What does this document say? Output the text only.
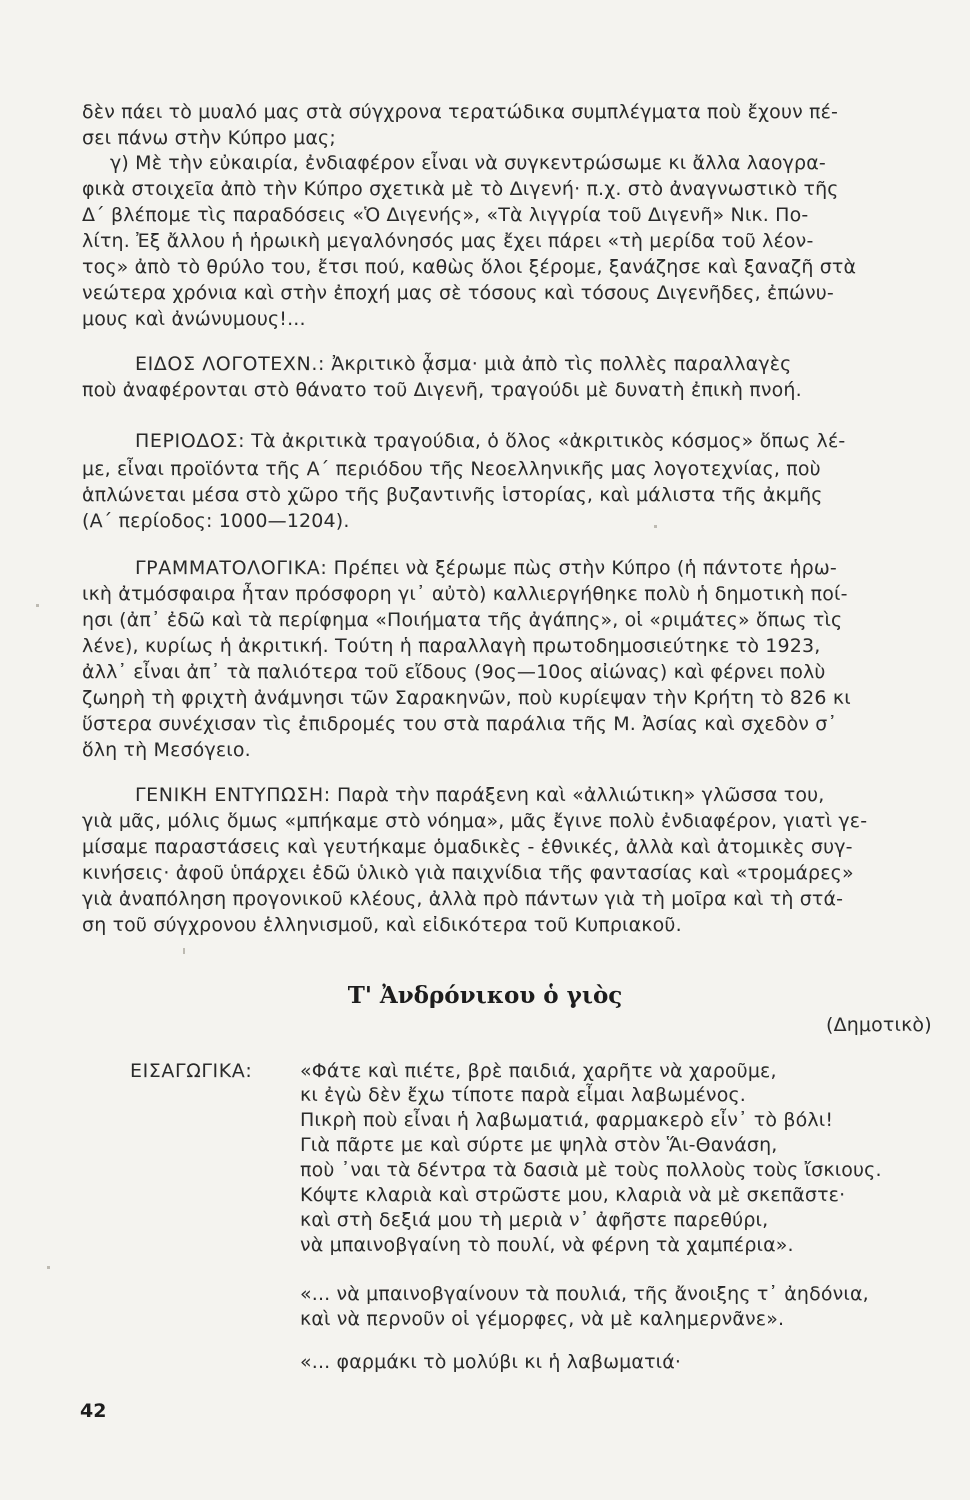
δὲν πάει τὸ μυαλό μας στὰ σύγχρονα τερατώδικα συμπλέγματα ποὺ ἔχουν πέ-
σει πάνω στὴν Κύπρο μας;
γ) Μὲ τὴν εὐκαιρία, ἐνδιαφέρον εἶναι νὰ συγκεντρώσωμε κι ἄλλα λαογρα-
φικὰ στοιχεῖα ἀπὸ τὴν Κύπρο σχετικὰ μὲ τὸ Διγενή· π.χ. στὸ ἀναγνωστικὸ τῆς
Δ΄ βλέπομε τὶς παραδόσεις «Ὁ Διγενής», «Τὰ λιγγρία τοῦ Διγενῆ» Νικ. Πο-
λίτη. Ἐξ ἄλλου ἡ ἡρωικὴ μεγαλόνησός μας ἔχει πάρει «τὴ μερίδα τοῦ λέον-
τος» ἀπὸ τὸ θρύλο του, ἔτσι πού, καθὼς ὅλοι ξέρομε, ξανάζησε καὶ ξαναζῆ στὰ
νεώτερα χρόνια καὶ στὴν ἐποχή μας σὲ τόσους καὶ τόσους Διγενῆδες, ἐπώνυ-
μους καὶ ἀνώνυμους!...
ΕΙΔΟΣ ΛΟΓΟΤΕΧΝ.: Ἀκριτικὸ ᾆσμα· μιὰ ἀπὸ τὶς πολλὲς παραλλαγὲς
ποὺ ἀναφέρονται στὸ θάνατο τοῦ Διγενῆ, τραγούδι μὲ δυνατὴ ἐπικὴ πνοή.
ΠΕΡΙΟΔΟΣ: Τὰ ἀκριτικὰ τραγούδια, ὁ ὅλος «ἀκριτικὸς κόσμος» ὅπως λέ-
με, εἶναι προϊόντα τῆς Α΄ περιόδου τῆς Νεοελληνικῆς μας λογοτεχνίας, ποὺ
ἁπλώνεται μέσα στὸ χῶρο τῆς βυζαντινῆς ἱστορίας, καὶ μάλιστα τῆς ἀκμῆς
(Α΄ περίοδος: 1000—1204).
ΓΡΑΜΜΑΤΟΛΟΓΙΚΑ: Πρέπει νὰ ξέρωμε πὼς στὴν Κύπρο (ἡ πάντοτε ἡρω-
ικὴ ἀτμόσφαιρα ἦταν πρόσφορη γι᾿ αὐτὸ) καλλιεργήθηκε πολὺ ἡ δημοτικὴ ποί-
ησι (ἀπ᾿ ἐδῶ καὶ τὰ περίφημα «Ποιήματα τῆς ἀγάπης», οἱ «ριμάτες» ὅπως τὶς
λένε), κυρίως ἡ ἀκριτική. Τούτη ἡ παραλλαγὴ πρωτοδημοσιεύτηκε τὸ 1923,
ἀλλ᾿ εἶναι ἀπ᾿ τὰ παλιότερα τοῦ εἴδους (9ος—10ος αἰώνας) καὶ φέρνει πολὺ
ζωηρὴ τὴ φριχτὴ ἀνάμνησι τῶν Σαρακηνῶν, ποὺ κυρίεψαν τὴν Κρήτη τὸ 826 κι
ὕστερα συνέχισαν τὶς ἐπιδρομές του στὰ παράλια τῆς Μ. Ἀσίας καὶ σχεδὸν σ᾿
ὅλη τὴ Μεσόγειο.
ΓΕΝΙΚΗ ΕΝΤΥΠΩΣΗ: Παρὰ τὴν παράξενη καὶ «ἀλλιώτικη» γλῶσσα του,
γιὰ μᾶς, μόλις ὅμως «μπήκαμε στὸ νόημα», μᾶς ἔγινε πολὺ ἐνδιαφέρον, γιατὶ γε-
μίσαμε παραστάσεις καὶ γευτήκαμε ὁμαδικὲς - ἐθνικές, ἀλλὰ καὶ ἀτομικὲς συγ-
κινήσεις· ἀφοῦ ὑπάρχει ἐδῶ ὑλικὸ γιὰ παιχνίδια τῆς φαντασίας καὶ «τρομάρες»
γιὰ ἀναπόληση προγονικοῦ κλέους, ἀλλὰ πρὸ πάντων γιὰ τὴ μοῖρα καὶ τὴ στά-
ση τοῦ σύγχρονου ἑλληνισμοῦ, καὶ εἰδικότερα τοῦ Κυπριακοῦ.
Τ' Ἀνδρόνικου ὁ γιὸς
(Δημοτικὸ)
ΕΙΣΑΓΩΓΙΚΑ:	«Φάτε καὶ πιέτε, βρὲ παιδιά, χαρῆτε νὰ χαροῦμε,
κι ἐγὼ δὲν ἔχω τίποτε παρὰ εἶμαι λαβωμένος.
Πικρὴ ποὺ εἶναι ἡ λαβωματιά, φαρμακερὸ εἶν᾿ τὸ βόλι!
Γιὰ πᾶρτε με καὶ σύρτε με ψηλὰ στὸν Ἅι-Θανάση,
ποὺ ᾿ναι τὰ δέντρα τὰ δασιὰ μὲ τοὺς πολλοὺς τοὺς ἴσκιους.
Κόψτε κλαριὰ καὶ στρῶστε μου, κλαριὰ νὰ μὲ σκεπᾶστε·
καὶ στὴ δεξιά μου τὴ μεριὰ ν᾿ ἀφῆστε παρεθύρι,
νὰ μπαινοβγαίνη τὸ πουλί, νὰ φέρνη τὰ χαμπέρια».
«... νὰ μπαινοβγαίνουν τὰ πουλιά, τῆς ἄνοιξης τ᾿ ἀηδόνια,
καὶ νὰ περνοῦν οἱ γέμορφες, νὰ μὲ καλημερνᾶνε».
«... φαρμάκι τὸ μολύβι κι ἡ λαβωματιά·
42
